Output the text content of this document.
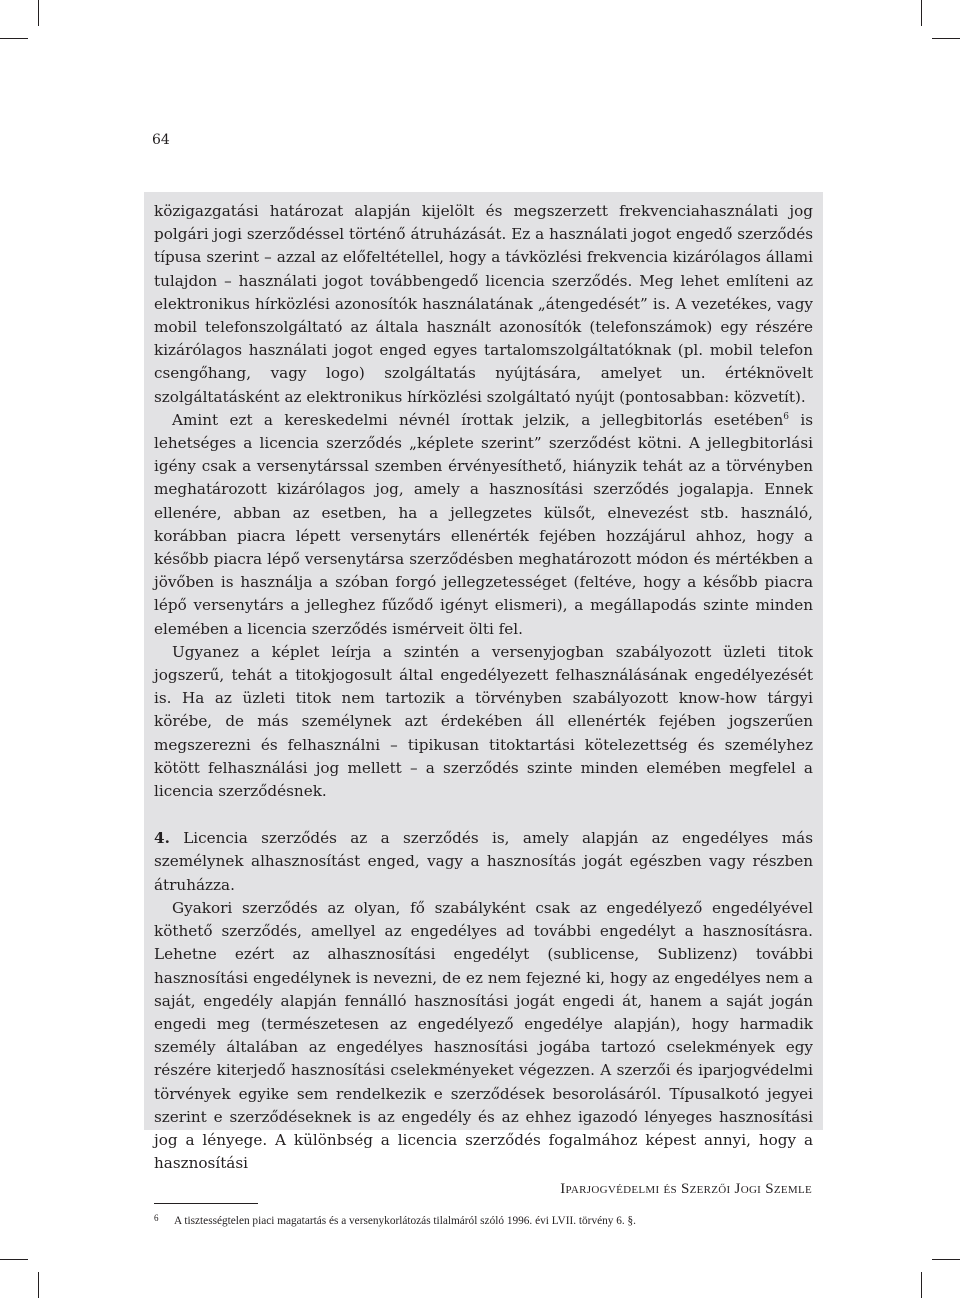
64

közigazgatási határozat alapján kijelölt és megszerzett frekvenciahasználati jog polgári jogi szerződéssel történő átruházását. Ez a használati jogot engedő szerződés típusa szerint – azzal az előfeltétellel, hogy a távközlési frekvencia kizárólagos állami tulajdon – használati jogot továbbengedő licencia szerződés. Meg lehet említeni az elektronikus hírközlési azonosítók használatának „átengedését” is. A vezetékes, vagy mobil telefonszolgáltató az általa használt azonosítók (telefonszámok) egy részére kizárólagos használati jogot enged egyes tartalomszolgáltatóknak (pl. mobil telefon csengőhang, vagy logo) szolgáltatás nyújtására, amelyet un. értéknövelt szolgáltatásként az elektronikus hírközlési szolgáltató nyújt (pontosabban: közvetít).

Amint ezt a kereskedelmi névnél írottak jelzik, a jellegbitorlás esetében$^6$ is lehetséges a licencia szerződés „képlete szerint” szerződést kötni. A jellegbitorlási igény csak a versenytárssal szemben érvényesíthető, hiányzik tehát az a törvényben meghatározott kizárólagos jog, amely a hasznosítási szerződés jogalapja. Ennek ellenére, abban az esetben, ha a jellegzetes külsőt, elnevezést stb. használó, korábban piacra lépett versenytárs ellenérték fejében hozzájárul ahhoz, hogy a később piacra lépő versenytársa szerződésben meghatározott módon és mértékben a jövőben is használja a szóban forgó jellegzetességet (feltéve, hogy a később piacra lépő versenytárs a jelleghez fűződő igényt elismeri), a megállapodás szinte minden elemében a licencia szerződés ismérveit ölti fel.

Ugyanez a képlet leírja a szintén a versenyjogban szabályozott üzleti titok jogszerű, tehát a titokjogosult által engedélyezett felhasználásának engedélyezését is. Ha az üzleti titok nem tartozik a törvényben szabályozott know-how tárgyi körébe, de más személynek azt érdekében áll ellenérték fejében jogszerűen megszerezni és felhasználni – tipikusan titoktartási kötelezettség és személyhez kötött felhasználási jog mellett – a szerződés szinte minden elemében megfelel a licencia szerződésnek.

4. Licencia szerződés az a szerződés is, amely alapján az engedélyes más személynek alhasznosítást enged, vagy a hasznosítás jogát egészben vagy részben átruházza.

Gyakori szerződés az olyan, fő szabályként csak az engedélyező engedélyével köthető szerződés, amellyel az engedélyes ad további engedélyt a hasznosításra. Lehetne ezért az alhasznosítási engedélyt (sublicense, Sublizenz) további hasznosítási engedélynek is nevezni, de ez nem fejezné ki, hogy az engedélyes nem a saját, engedély alapján fennálló hasznosítási jogát engedi át, hanem a saját jogán engedi meg (természetesen az engedélyező engedélye alapján), hogy harmadik személy általában az engedélyes hasznosítási jogába tartozó cselekmények egy részére kiterjedő hasznosítási cselekményeket végezzen. A szerzői és iparjogvédelmi törvények egyike sem rendelkezik e szerződések besorolásáról. Típusalkotó jegyei szerint e szerződéseknek is az engedély és az ehhez igazodó lényeges hasznosítási jog a lényege. A különbség a licencia szerződés fogalmához képest annyi, hogy a hasznosítási

6 A tisztességtelen piaci magatartás és a versenykorlátozás tilalmáról szóló 1996. évi LVII. törvény 6. §.

Iparjogvédelmi és Szerzői Jogi Szemle
